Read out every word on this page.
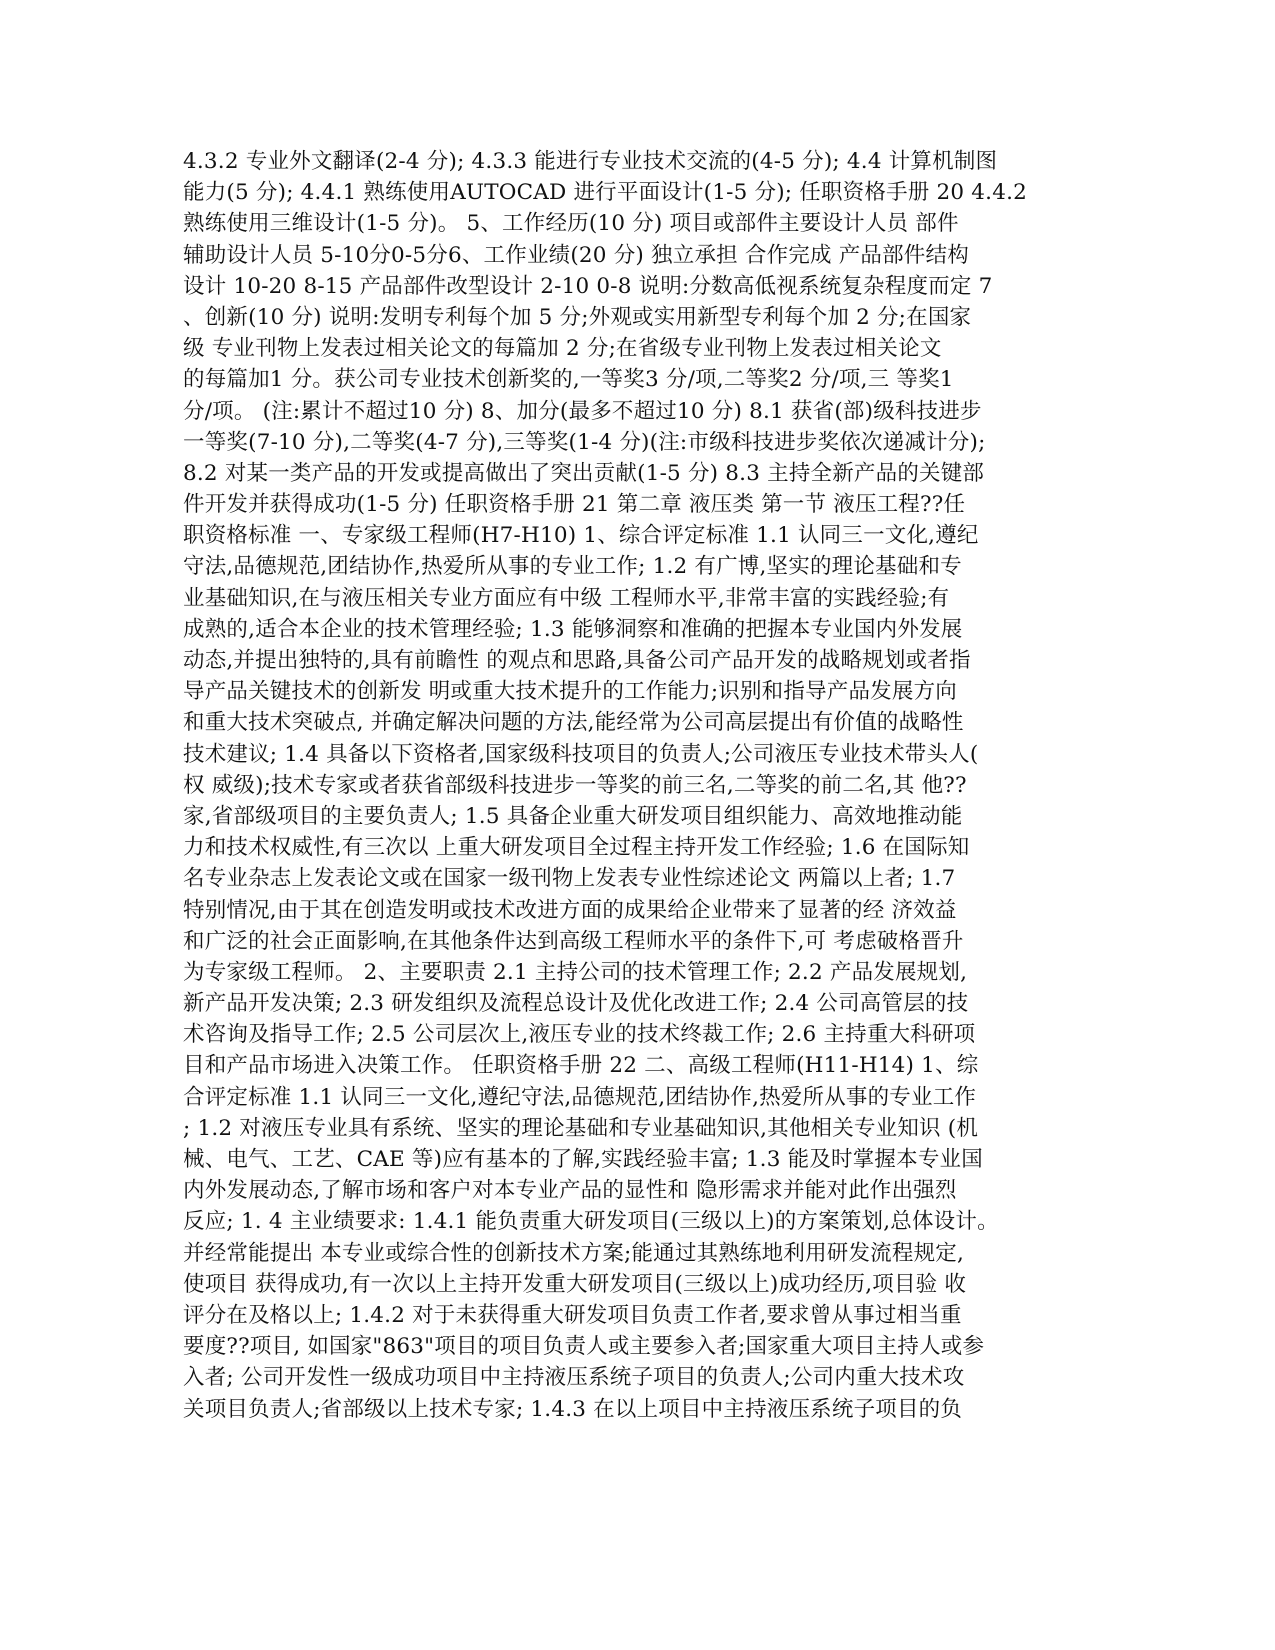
4.3.2 专业外文翻译(2-4 分); 4.3.3 能进行专业技术交流的(4-5 分); 4.4 计算机制图
能力(5 分); 4.4.1 熟练使用AUTOCAD 进行平面设计(1-5 分); 任职资格手册 20 4.4.2
熟练使用三维设计(1-5 分)。 5、工作经历(10 分) 项目或部件主要设计人员 部件
辅助设计人员 5-10分0-5分6、工作业绩(20 分) 独立承担 合作完成 产品部件结构
设计 10-20 8-15 产品部件改型设计 2-10 0-8 说明:分数高低视系统复杂程度而定 7
、创新(10 分) 说明:发明专利每个加 5 分;外观或实用新型专利每个加 2 分;在国家
级 专业刊物上发表过相关论文的每篇加 2 分;在省级专业刊物上发表过相关论文
的每篇加1 分。获公司专业技术创新奖的,一等奖3 分/项,二等奖2 分/项,三 等奖1
分/项。 (注:累计不超过10 分) 8、加分(最多不超过10 分) 8.1 获省(部)级科技进步
一等奖(7-10 分),二等奖(4-7 分),三等奖(1-4 分)(注:市级科技进步奖依次递减计分);
8.2 对某一类产品的开发或提高做出了突出贡献(1-5 分) 8.3 主持全新产品的关键部
件开发并获得成功(1-5 分) 任职资格手册 21 第二章 液压类 第一节 液压工程??任
职资格标准 一、专家级工程师(H7-H10) 1、综合评定标准 1.1 认同三一文化,遵纪
守法,品德规范,团结协作,热爱所从事的专业工作; 1.2 有广博,坚实的理论基础和专
业基础知识,在与液压相关专业方面应有中级 工程师水平,非常丰富的实践经验;有
成熟的,适合本企业的技术管理经验; 1.3 能够洞察和准确的把握本专业国内外发展
动态,并提出独特的,具有前瞻性 的观点和思路,具备公司产品开发的战略规划或者指
导产品关键技术的创新发 明或重大技术提升的工作能力;识别和指导产品发展方向
和重大技术突破点, 并确定解决问题的方法,能经常为公司高层提出有价值的战略性
技术建议; 1.4 具备以下资格者,国家级科技项目的负责人;公司液压专业技术带头人(
权 威级);技术专家或者获省部级科技进步一等奖的前三名,二等奖的前二名,其 他??
家,省部级项目的主要负责人; 1.5 具备企业重大研发项目组织能力、高效地推动能
力和技术权威性,有三次以 上重大研发项目全过程主持开发工作经验; 1.6 在国际知
名专业杂志上发表论文或在国家一级刊物上发表专业性综述论文 两篇以上者; 1.7
特别情况,由于其在创造发明或技术改进方面的成果给企业带来了显著的经 济效益
和广泛的社会正面影响,在其他条件达到高级工程师水平的条件下,可 考虑破格晋升
为专家级工程师。 2、主要职责 2.1 主持公司的技术管理工作; 2.2 产品发展规划,
新产品开发决策; 2.3 研发组织及流程总设计及优化改进工作; 2.4 公司高管层的技
术咨询及指导工作; 2.5 公司层次上,液压专业的技术终裁工作; 2.6 主持重大科研项
目和产品市场进入决策工作。 任职资格手册 22 二、高级工程师(H11-H14) 1、综
合评定标准 1.1 认同三一文化,遵纪守法,品德规范,团结协作,热爱所从事的专业工作
; 1.2 对液压专业具有系统、坚实的理论基础和专业基础知识,其他相关专业知识 (机
械、电气、工艺、CAE 等)应有基本的了解,实践经验丰富; 1.3 能及时掌握本专业国
内外发展动态,了解市场和客户对本专业产品的显性和 隐形需求并能对此作出强烈
反应; 1. 4 主业绩要求: 1.4.1 能负责重大研发项目(三级以上)的方案策划,总体设计。
并经常能提出 本专业或综合性的创新技术方案;能通过其熟练地利用研发流程规定,
使项目 获得成功,有一次以上主持开发重大研发项目(三级以上)成功经历,项目验 收
评分在及格以上; 1.4.2 对于未获得重大研发项目负责工作者,要求曾从事过相当重
要度??项目, 如国家"863"项目的项目负责人或主要参入者;国家重大项目主持人或参
入者; 公司开发性一级成功项目中主持液压系统子项目的负责人;公司内重大技术攻
关项目负责人;省部级以上技术专家; 1.4.3 在以上项目中主持液压系统子项目的负
